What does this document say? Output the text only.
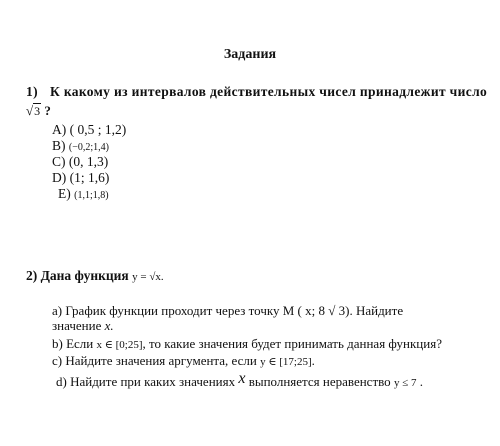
Задания
1) К какому из интервалов действительных чисел принадлежит число
√3 ?
A) ( 0,5 ; 1,2)
B) (−0,2;1,4)
C) (0, 1,3)
D) (1; 1,6)
E) (1,1;1,8)
2) Дана функция y = √x.
a) График функции проходит через точку М ( x; 8 √ 3). Найдите
значение x.
b) Если x ∈ [0;25], то какие значения будет принимать данная функция?
c) Найдите значения аргумента, если y ∈ [17;25].
d) Найдите при каких значениях x выполняется неравенство y ≤ 7 .
